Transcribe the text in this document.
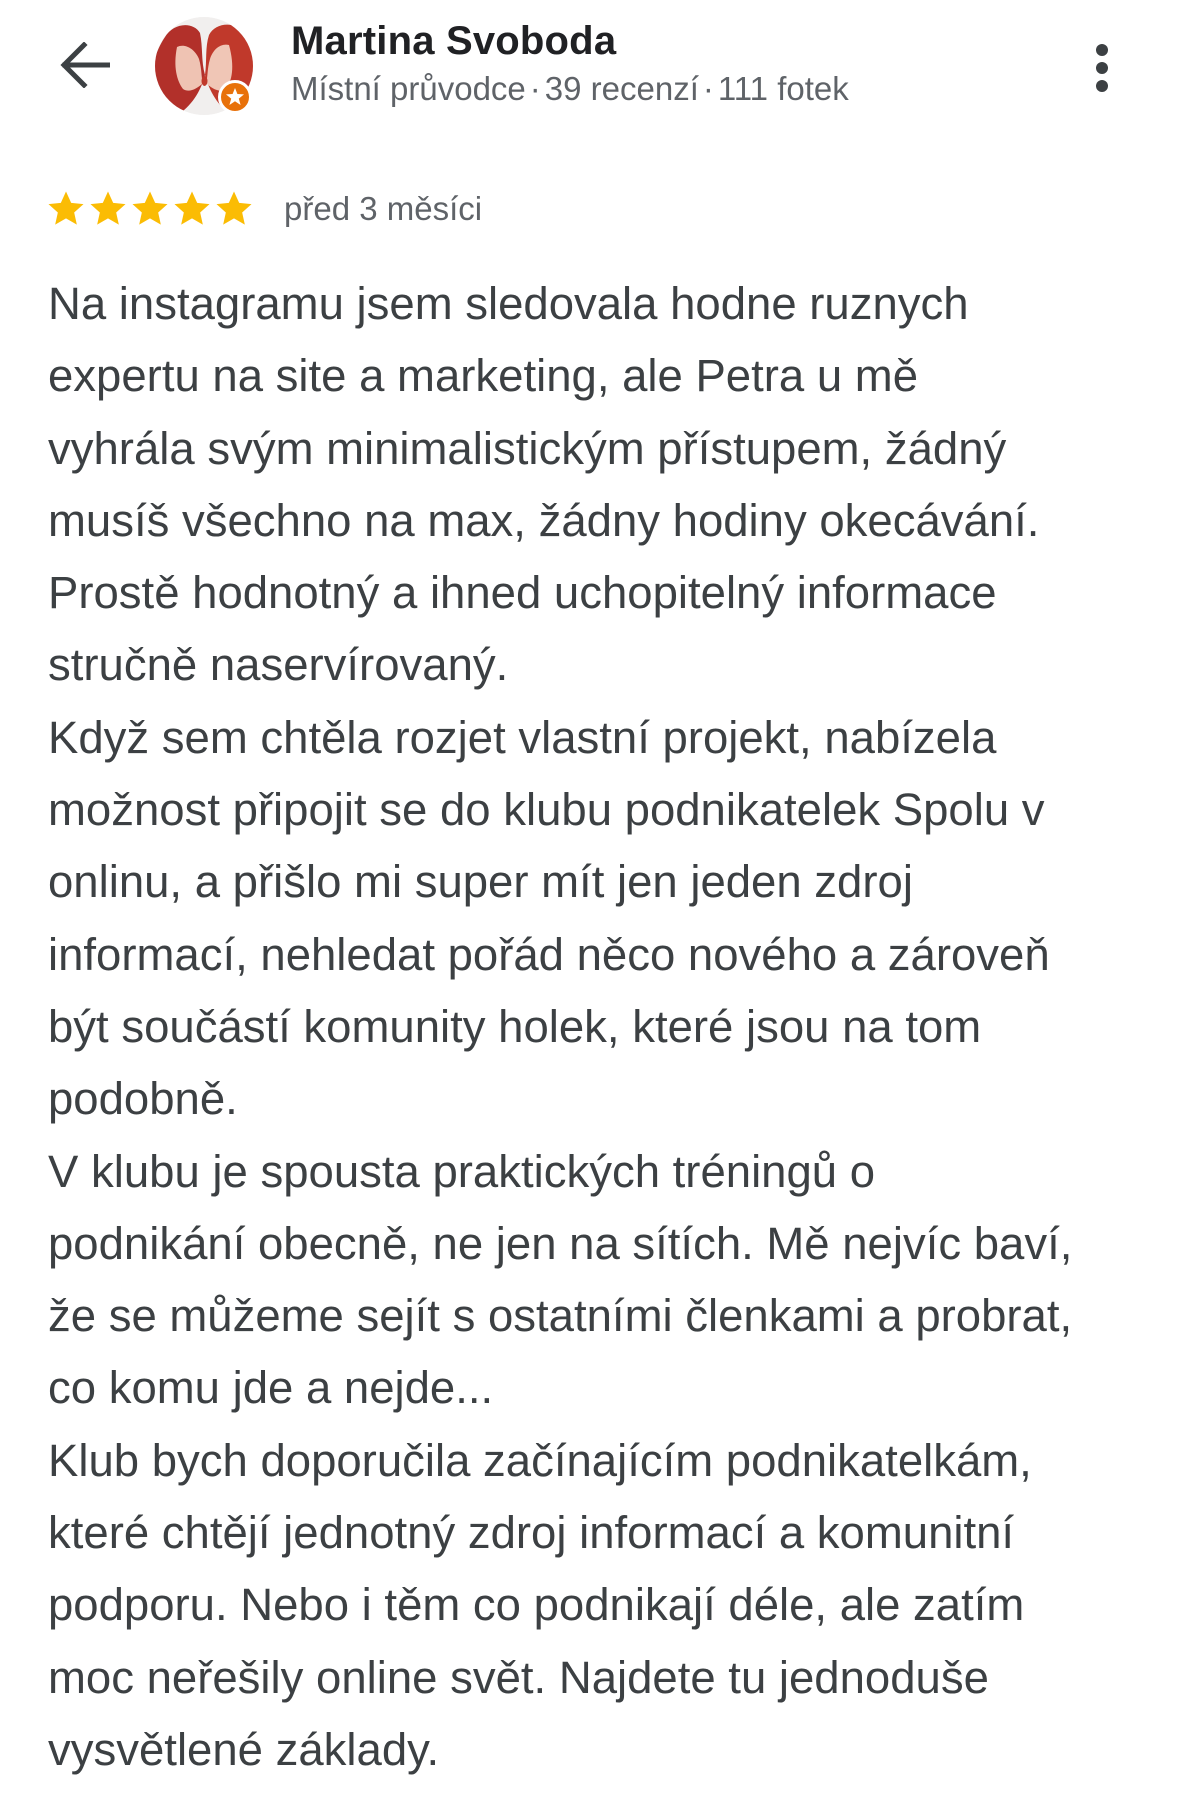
Martina Svoboda
Místní průvodce · 39 recenzí · 111 fotek
před 3 měsíci

Na instagramu jsem sledovala hodne ruznych

expertu na site a marketing, ale Petra u mě

vyhrála svým minimalistickým přístupem, žádný

musíš všechno na max, žádny hodiny okecávání.

Prostě hodnotný a ihned uchopitelný informace

stručně naservírovaný.

Když sem chtěla rozjet vlastní projekt, nabízela

možnost připojit se do klubu podnikatelek Spolu v

onlinu, a přišlo mi super mít jen jeden zdroj

informací, nehledat pořád něco nového a zároveň

být součástí komunity holek, které jsou na tom

podobně.

V klubu je spousta praktických tréningů o

podnikání obecně, ne jen na sítích. Mě nejvíc baví,

že se můžeme sejít s ostatními členkami a probrat,

co komu jde a nejde...

Klub bych doporučila začínajícím podnikatelkám,

které chtějí jednotný zdroj informací a komunitní

podporu. Nebo i těm co podnikají déle, ale zatím

moc neřešily online svět. Najdete tu jednoduše

vysvětlené základy.
